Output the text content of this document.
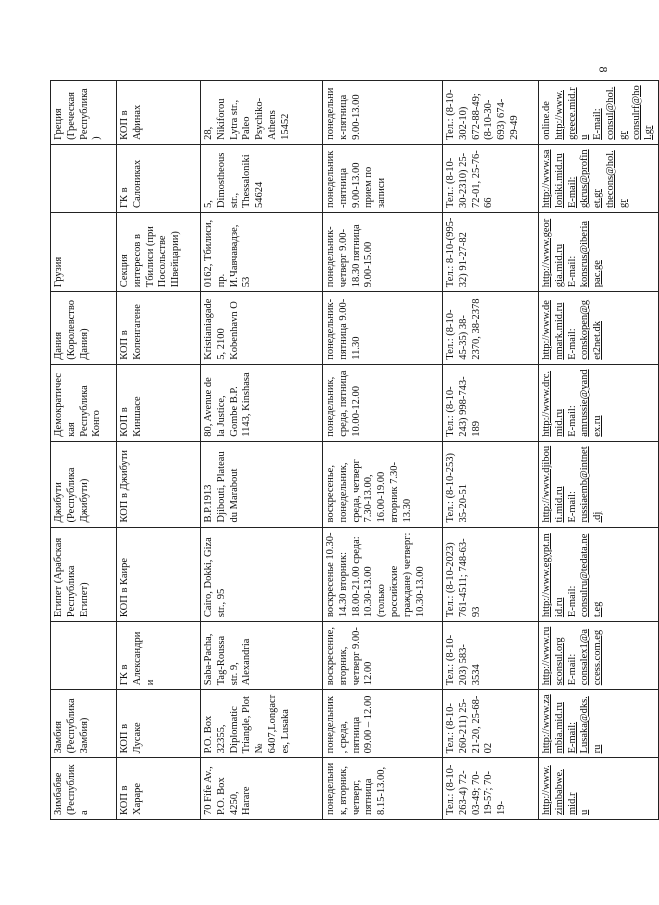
8
Зимбабве (Республика	Замбия (Республика Замбия)		Египет (Арабская Республика Египет)	Джибути (Республика Джибути)	Демократическая Республика Конго	Дания (Королевство Дания)	Грузия		Греция (Греческая Республика)
КОП в Хараре	КОП в Лусаке	ГК в Александрии	КОП в Каире	КОП в Джибути	КОП в Киншасе	КОП в Копенгагене	Секция интересов в Тбилиси (при Посольстве Швейцарии)	ГК в Салониках	КОП в Афинах
70 Fife Av., P.O. Box 4250, Harare	P.O. Box 32355, Diplomatic Triangle, Plot № 6407,Longacres, Lusaka	Saba-Pacha, Tag-Roussa str. 9, Alexandria	Cairo, Dokki, Giza str., 95	B.P.1913 Djibouti, Plateau du Marabout	80, Avenue de la Justice, Gombe B.P. 1143, Kinshasa	Kristianiagade 5, 2100 Kobenhavn O	0162, Тбилиси, пр. И.Чавчавадзе, 53	5, Dimostheous str., Thessaloniki 54624	28, Nikiforou Lytra str., Paleo Psychiko-Athens 15452
понедельник, вторник, четверг, пятница 8.15-13.00,	понедельник, среда, пятница 09.00 – 12.00	воскресение, вторник, четверг 9.00-12.00	воскресенье 10.30-14.30 вторник: 18.00-21.00 среда: 10.30-13.00 (только российские граждане) четверг: 10.30-13.00	воскресенье, понедельник, среда, четверг 7.30-13.00, 16.00-19.00 вторник 7.30-13.30	понедельник, среда, пятница 10.00-12.00	понедельник-пятница 9.00-11.30	понедельник-четверг 9.00-18.30 пятница 9.00-15.00	понедельник-пятница 9.00-13.00 прием по записи	понедельник-пятница 9.00-13.00
Тел.: (8-10-263-4) 72-03-49; 70-19-57; 70-19-	Тел.: (8-10-260-211) 25-21-20, 25-68-02	Тел.: (8-10-203) 583-3534	Тел.: (8-10-2023) 761-4511; 748-63-93	Тел.: (8-10-253) 35-20-51	Тел.: (8-10-243) 998-743-189	Тел.: (8-10-45-35) 38-2370, 38-2378	Тел.: 8-10-(995-32) 91-27-82	Тел.: (8-10-30-2310) 25-72-01, 25-76-66	Тел.: (8-10-302-10) 672-88-49; (8-10-30-693) 674-29-49

http://www.zimbabwe.mid.r u	http://www.zambia.mid.ru E-mail: Lusaka@dks.ru	http://www.rusconsul.org E-mail: consalex1@access.com.eg	http://www.egypt.mid.ru E-mail: consulru@tedata.net.eg	http://www.djibouti.mid.ru E-mail: russiaemb@intnet.dj	http://www.drc.mid.ru E-mail: amrussie@yandex.ru	http://www.denmark.mid.ru E-mail: conskopen@get2net.dk	http://www.georgia.mid.ru E-mail: konsrus@iberiapac.ge	http://www.saloniki.mid.ru E-mail: gkrus@profinet.gr thecons@hol.gr	online.de http://www.greece.mid.ru E-mail: consul@hol.gr consulrf@hol.gr
